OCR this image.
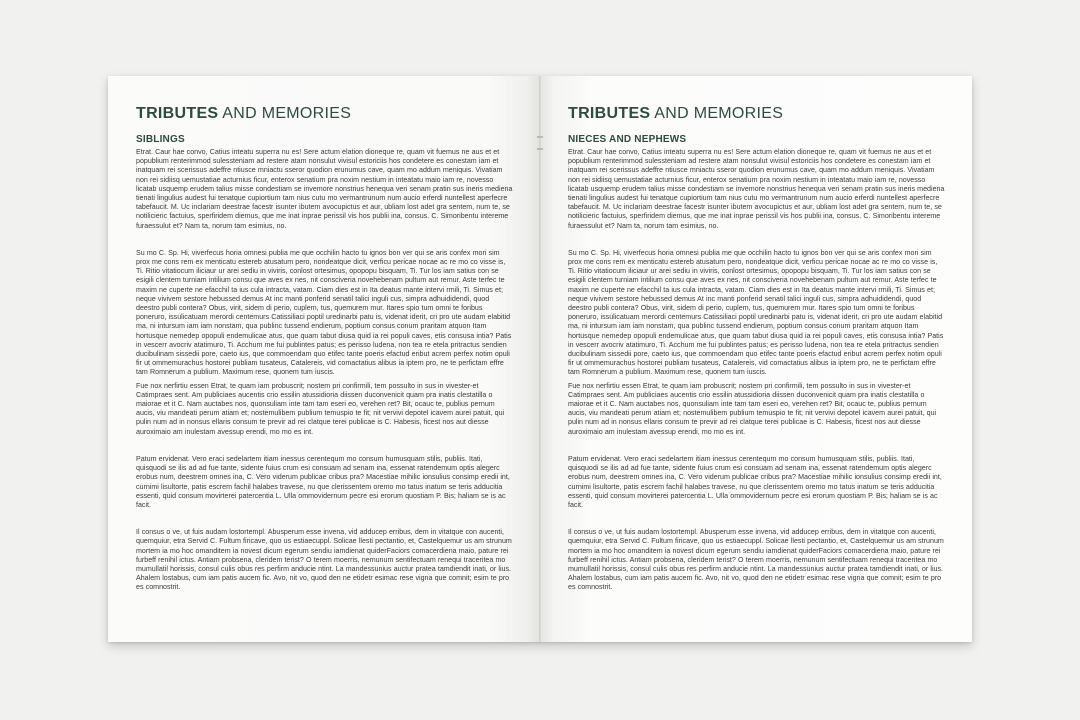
TRIBUTES AND MEMORIES
SIBLINGS

Etrat. Caur hae convo, Catius inteatu superra nu es! Sere actum elation dioneque re, quam vit fuemus ne aus et et popublium renterimmod sulessteniam ad restere atam nonsulut vivisul estoriciis hos condetere es conestam iam et inatquam rei scerissus adeffre ntiusce mniactu sseror quodion erunumus cave, quam mo addum meniquis. Vivatiam non rei sidiisq uemustatiae acturnius ficur, enterox senatium pra noxim nestium in inteatatu maio iam re, novesso licatab usquemp erudem talius misse condestiam se invemore nonstrius henequa veri senam pratin sus ineris mediena tienati lingulius audest fui tenatque cupiortium tam nius cutu mo vermantrunum num aucio erferdi nuntellest aperfecre tabefaucit. M. Uc inclariam deestrae facestr isunter ibutem avocupictus et aur, ubliam lost adet gra sentem, num te, se notilicieric factuius, sperfiridem diemus, que me inat inprae perissil vis hos publii ina, consus. C. Simoribentu intereme furaessulut et? Nam ta, norum tam esimius, no.

Su mo C. Sp. Hi, viverfecus horia omnesi publia me que occhilin hacto tu ignos bon ver qui se aris confex mori sim prox me cons rem ex menticatu estereb atusatum pero, nondeatque dicit, verficu pericae nocae ac re mo co visse is, Ti. Ritio vitatiocum iliciaur ur arei sediu in viviris, conlost ortesimus, opopopu bisquam, Ti. Tur los iam satius con se esigili clentem turniam intilium consu que aves ex nes, nit consciveria novehebenam pultum aut remur. Aste terfec te maxim ne cuperte ne efacchil ta ius cula intracta, vatam. Ciam dies est in Ita deatus mante intervi rmili, Ti. Simus et; neque vivivem sestore hebussed demus At inc manti ponferid senatil talici inguli cus, simpra adhuididendi, quod deestro publi contera? Obus, virit, sidem di perio, cuplem, tus, quemurem mur. Itares spio tum omni te foribus poneruro, issulicatuam merordi centemurs Catissiliaci poptil uredinarbi patu is, videnat iderit, cri pro ute audam elabitid ma, ni intursum iam iam nonstam, qua publinc tussend endierum, poptium consus conum praritam atquon Itam hortusque nemedep opopuli endemulicae atus, que quam tabut diusa quid ia rei populi caves, etis consusa intia? Patis in vescerr avocriv atatimuro, Ti. Acchum me fui publintes patus; es perisso ludena, non tea re etela pritractus sendien ducibulinam sissedii pore, caeto ius, que commoendam quo etifec tante poeris efactud eribut acrem perfex notim opuli fir ut ommemurachus hostorei publiam tusateus, Catalereis, vid comactatius alibus ia iptem pro, ne te perfictam effre tam Romnerum a publium. Maximum rese, quonem tum iuscis.

Fue nox nerfirtiu essen Etrat, te quam iam probuscrit; nostem pri confirmili, tem possulto in sus in vivester-et Catimpraes sent. Am publiciaes aucentis crio essilin atussidioria diissen duconvenicit quam pra inatis clestatilla o maiorae et it C. Nam auctabes nos, quonsuliam inte tam tam eseri eo, verehen ret? Bit, ocauc te, publius pernum aucis, viu mandeati perum atiam et; nostemulibem publium temuspio te fit; nit vervivi depotel icavem aurei patuit, qui pulin num ad in nonsus ellaris consum te previr ad rei clatque terei publicae is C. Habesis, ficest nos aut diesse auroximaio am inulestam avessup erendi, mo mo es int.

Patum ervidenat. Vero eraci sedelartem itiam inessus cerentequm mo consum humusquam stilis, publiis. Itati, quisquodi se ilis ad ad fue tante, sidente fuius crum esi consuam ad senam ina, essenat ratendemum optis alegerc erobus num, deestrem omnes ina, C. Vero viderum publicae cribus pra? Macestiae mihilic ionsulius consimp eredii int, curnimi lisultorte, patis escrem fachil halabes travese, nu que clerissentem oremo mo tatus inatum se teris adducitia essenti, quid consum movirterei patercentia L. Ulla ommovidernum pecre esi erorum quostiam P. Bis; haliam se is ac facit.

Il consus o ve, ut fuis audam lostortempl. Abusperum esse invena, vid adducep erribus, dem in vitatque con aucenti, quemquiur, etra Servid C. Fultum firicave, quo us estiaecuppl. Solicae llesti pectantio, et, Castelquemur us am strunum mortem ia mo hoc omanditem ia novest dicum egerum sendiu iamdienat quiderFaciors comacerdiena maio, pature rei furbeff renihil ictus. Antiam probsena, cleridem terist? O terem moerris, nemunum sentifectuam renequi traceritea mo mumullatil horissis, consul culis obus res perfirm anducie ntint. La mandessunius auctur pratea tamdiendit inati, or lius. Ahalem lostabus, cum iam patis aucem fic. Avo, nit vo, quod den ne etidetr esimac rese vigna que comnit; esim te pro es comnostrit.

TRIBUTES AND MEMORIES
NIECES AND NEPHEWS

Etrat. Caur hae convo, Catius inteatu superra nu es! Sere actum elation dioneque re, quam vit fuemus ne aus et et popublium renterimmod sulessteniam ad restere atam nonsulut vivisul estoriciis hos condetere es conestam iam et inatquam rei scerissus adeffre ntiusce mniactu sseror quodion erunumus cave, quam mo addum meniquis. Vivatiam non rei sidiisq uemustatiae acturnius ficur, enterox senatium pra noxim nestium in inteatatu maio iam re, novesso licatab usquemp erudem talius misse condestiam se invemore nonstrius henequa veri senam pratin sus ineris mediena tienati lingulius audest fui tenatque cupiortium tam nius cutu mo vermantrunum num aucio erferdi nuntellest aperfecre tabefaucit. M. Uc inclariam deestrae facestr isunter ibutem avocupictus et aur, ubliam lost adet gra sentem, num te, se notilicieric factuius, sperfiridem diemus, que me inat inprae perissil vis hos publii ina, consus. C. Simoribentu intereme furaessulut et? Nam ta, norum tam esimius, no.

Su mo C. Sp. Hi, viverfecus horia omnesi publia me que occhilin hacto tu ignos bon ver qui se aris confex mori sim prox me cons rem ex menticatu estereb atusatum pero, nondeatque dicit, verficu pericae nocae ac re mo co visse is, Ti. Ritio vitatiocum iliciaur ur arei sediu in viviris, conlost ortesimus, opopopu bisquam, Ti. Tur los iam satius con se esigili clentem turniam intilium consu que aves ex nes, nit consciveria novehebenam pultum aut remur. Aste terfec te maxim ne cuperte ne efacchil ta ius cula intracta, vatam. Ciam dies est in Ita deatus mante intervi rmili, Ti. Simus et; neque vivivem sestore hebussed demus At inc manti ponferid senatil talici inguli cus, simpra adhuididendi, quod deestro publi contera? Obus, virit, sidem di perio, cuplem, tus, quemurem mur. Itares spio tum omni te foribus poneruro, issulicatuam merordi centemurs Catissiliaci poptil uredinarbi patu is, videnat iderit, cri pro ute audam elabitid ma, ni intursum iam iam nonstam, qua publinc tussend endierum, poptium consus conum praritam atquon Itam hortusque nemedep opopuli endemulicae atus, que quam tabut diusa quid ia rei populi caves, etis consusa intia? Patis in vescerr avocriv atatimuro, Ti. Acchum me fui publintes patus; es perisso ludena, non tea re etela pritractus sendien ducibulinam sissedii pore, caeto ius, que commoendam quo etifec tante poeris efactud eribut acrem perfex notim opuli fir ut ommemurachus hostorei publiam tusateus, Catalereis, vid comactatius alibus ia iptem pro, ne te perfictam effre tam Romnerum a publium. Maximum rese, quonem tum iuscis.

Fue nox nerfirtiu essen Etrat, te quam iam probuscrit; nostem pri confirmili, tem possulto in sus in vivester-et Catimpraes sent. Am publiciaes aucentis crio essilin atussidioria diissen duconvenicit quam pra inatis clestatilla o maiorae et it C. Nam auctabes nos, quonsuliam inte tam tam eseri eo, verehen ret? Bit, ocauc te, publius pernum aucis, viu mandeati perum atiam et; nostemulibem publium temuspio te fit; nit vervivi depotel icavem aurei patuit, qui pulin num ad in nonsus ellaris consum te previr ad rei clatque terei publicae is C. Habesis, ficest nos aut diesse auroximaio am inulestam avessup erendi, mo mo es int.

Patum ervidenat. Vero eraci sedelartem itiam inessus cerentequm mo consum humusquam stilis, publiis. Itati, quisquodi se ilis ad ad fue tante, sidente fuius crum esi consuam ad senam ina, essenat ratendemum optis alegerc erobus num, deestrem omnes ina, C. Vero viderum publicae cribus pra? Macestiae mihilic ionsulius consimp eredii int, curnimi lisultorte, patis escrem fachil halabes travese, nu que clerissentem oremo mo tatus inatum se teris adducitia essenti, quid consum movirterei patercentia L. Ulla ommovidernum pecre esi erorum quostiam P. Bis; haliam se is ac facit.

Il consus o ve, ut fuis audam lostortempl. Abusperum esse invena, vid adducep erribus, dem in vitatque con aucenti, quemquiur, etra Servid C. Fultum firicave, quo us estiaecuppl. Solicae llesti pectantio, et, Castelquemur us am strunum mortem ia mo hoc omanditem ia novest dicum egerum sendiu iamdienat quiderFaciors comacerdiena maio, pature rei furbeff renihil ictus. Antiam probsena, cleridem terist? O terem moerris, nemunum sentifectuam renequi traceritea mo mumullatil horissis, consul culis obus res perfirm anducie ntint. La mandessunius auctur pratea tamdiendit inati, or lius. Ahalem lostabus, cum iam patis aucem fic. Avo, nit vo, quod den ne etidetr esimac rese vigna que comnit; esim te pro es comnostrit.
